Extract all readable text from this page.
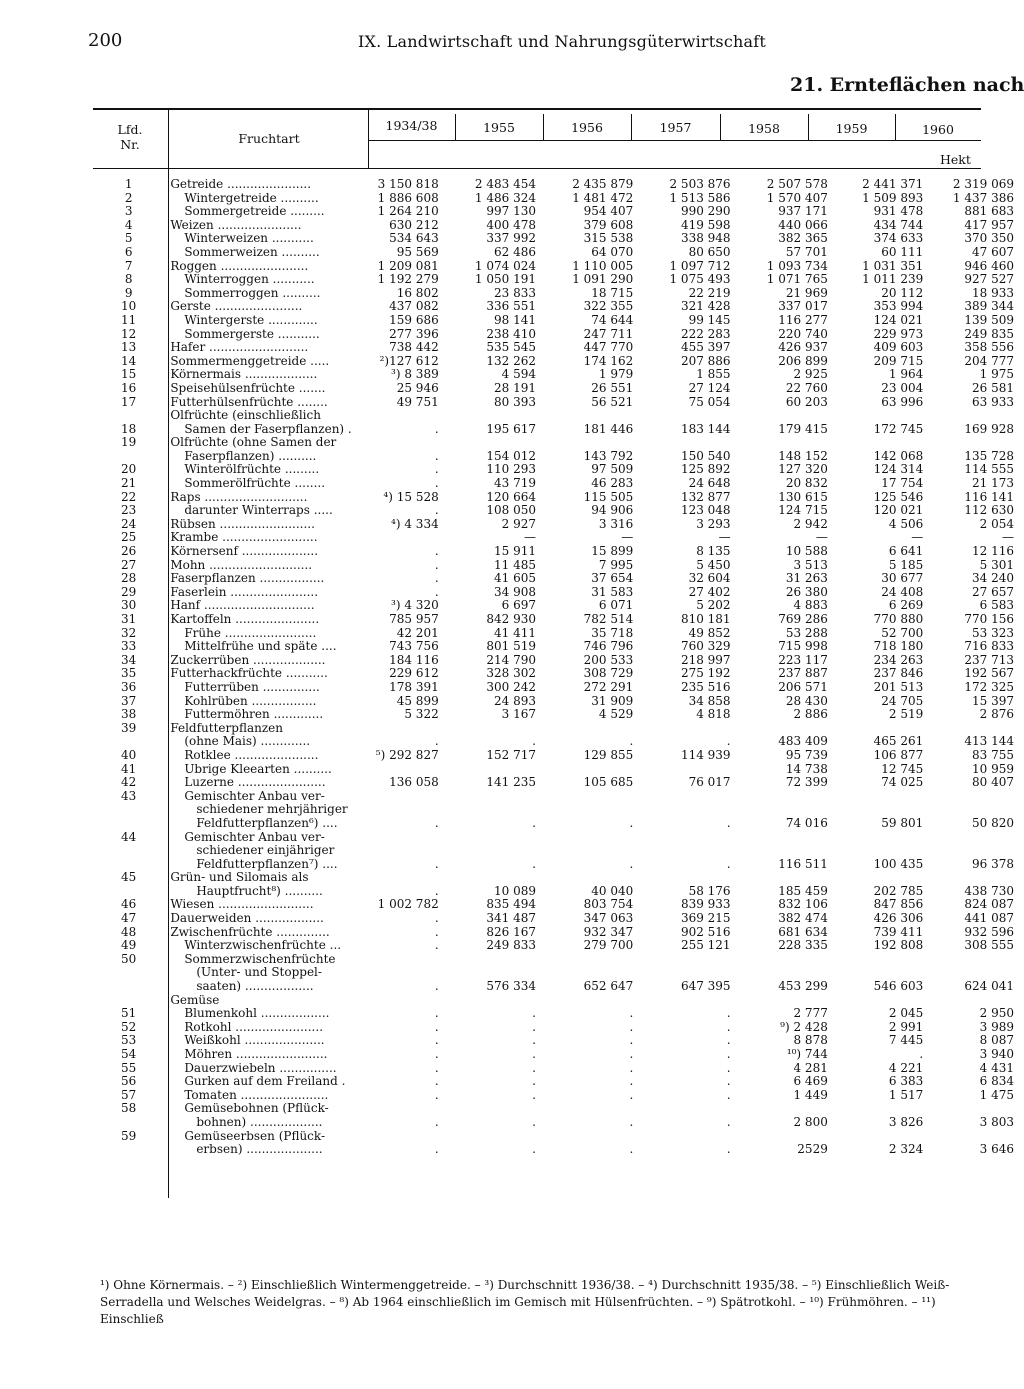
200	IX. Landwirtschaft und Nahrungsgüterwirtschaft
21. Ernteflächen nach
Lfd.
Nr.	Fruchtart
1934/38	1955	1956	1957	1958	1959	1960
Hekt
1	Getreide ......................	3 150 818	2 483 454	2 435 879	2 503 876	2 507 578	2 441 371	2 319 069
2	Wintergetreide ..........	1 886 608	1 486 324	1 481 472	1 513 586	1 570 407	1 509 893	1 437 386
3	Sommergetreide .........	1 264 210	997 130	954 407	990 290	937 171	931 478	881 683
4	Weizen ......................	630 212	400 478	379 608	419 598	440 066	434 744	417 957
5	Winterweizen ...........	534 643	337 992	315 538	338 948	382 365	374 633	370 350
6	Sommerweizen ..........	95 569	62 486	64 070	80 650	57 701	60 111	47 607
7	Roggen .......................	1 209 081	1 074 024	1 110 005	1 097 712	1 093 734	1 031 351	946 460
8	Winterroggen ...........	1 192 279	1 050 191	1 091 290	1 075 493	1 071 765	1 011 239	927 527
9	Sommerroggen ..........	16 802	23 833	18 715	22 219	21 969	20 112	18 933
10	Gerste .......................	437 082	336 551	322 355	321 428	337 017	353 994	389 344
11	Wintergerste .............	159 686	98 141	74 644	99 145	116 277	124 021	139 509
12	Sommergerste ...........	277 396	238 410	247 711	222 283	220 740	229 973	249 835
13	Hafer ..........................	738 442	535 545	447 770	455 397	426 937	409 603	358 556
14	Sommermenggetreide .....	²)127 612	132 262	174 162	207 886	206 899	209 715	204 777
15	Körnermais ...................	³) 8 389	4 594	1 979	1 855	2 925	1 964	1 975
16	Speisehülsenfrüchte .......	25 946	28 191	26 551	27 124	22 760	23 004	26 581
17	Futterhülsenfrüchte ........	49 751	80 393	56 521	75 054	60 203	63 996	63 933
	Ölfrüchte (einschließlich							
18	Samen der Faserpflanzen) .	.	195 617	181 446	183 144	179 415	172 745	169 928
19	Ölfrüchte (ohne Samen der							
	Faserpflanzen) ..........	.	154 012	143 792	150 540	148 152	142 068	135 728
20	Winterölfrüchte .........	.	110 293	97 509	125 892	127 320	124 314	114 555
21	Sommerölfrüchte ........	.	43 719	46 283	24 648	20 832	17 754	21 173
22	Raps ...........................	⁴) 15 528	120 664	115 505	132 877	130 615	125 546	116 141
23	darunter Winterraps .....	.	108 050	94 906	123 048	124 715	120 021	112 630
24	Rübsen .........................	⁴) 4 334	2 927	3 316	3 293	2 942	4 506	2 054
25	Krambe .........................		—	—	—	—	—	—
26	Körnersenf ....................	.	15 911	15 899	8 135	10 588	6 641	12 116
27	Mohn ...........................	.	11 485	7 995	5 450	3 513	5 185	5 301
28	Faserpflanzen .................	.	41 605	37 654	32 604	31 263	30 677	34 240
29	Faserlein .......................	.	34 908	31 583	27 402	26 380	24 408	27 657
30	Hanf .............................	³) 4 320	6 697	6 071	5 202	4 883	6 269	6 583
31	Kartoffeln ......................	785 957	842 930	782 514	810 181	769 286	770 880	770 156
32	Frühe ........................	42 201	41 411	35 718	49 852	53 288	52 700	53 323
33	Mittelfrühe und späte ....	743 756	801 519	746 796	760 329	715 998	718 180	716 833
34	Zuckerrüben ...................	184 116	214 790	200 533	218 997	223 117	234 263	237 713
35	Futterhackfrüchte ...........	229 612	328 302	308 729	275 192	237 887	237 846	192 567
36	Futterrüben ...............	178 391	300 242	272 291	235 516	206 571	201 513	172 325
37	Kohlrüben .................	45 899	24 893	31 909	34 858	28 430	24 705	15 397
38	Futtermöhren .............	5 322	3 167	4 529	4 818	2 886	2 519	2 876
39	Feldfutterpflanzen							
	(ohne Mais) .............	.	.	.	.	483 409	465 261	413 144
40	Rotklee ......................	⁵) 292 827	152 717	129 855	114 939	95 739	106 877	83 755
41	Übrige Kleearten ..........					14 738	12 745	10 959
42	Luzerne .......................	136 058	141 235	105 685	76 017	72 399	74 025	80 407
43	Gemischter Anbau ver-							
	schiedener mehrjähriger							
	Feldfutterpflanzen⁶) ....	.	.	.	.	74 016	59 801	50 820
44	Gemischter Anbau ver-							
	schiedener einjähriger							
	Feldfutterpflanzen⁷) ....	.	.	.	.	116 511	100 435	96 378
45	Grün- und Silomais als							
	Hauptfrucht⁸) ..........	.	10 089	40 040	58 176	185 459	202 785	438 730
46	Wiesen .........................	1 002 782	835 494	803 754	839 933	832 106	847 856	824 087
47	Dauerweiden ..................	.	341 487	347 063	369 215	382 474	426 306	441 087
48	Zwischenfrüchte ..............	.	826 167	932 347	902 516	681 634	739 411	932 596
49	Winterzwischenfrüchte ...	.	249 833	279 700	255 121	228 335	192 808	308 555
50	Sommerzwischenfrüchte							
	(Unter- und Stoppel-							
	saaten) ..................	.	576 334	652 647	647 395	453 299	546 603	624 041
	Gemüse							
51	Blumenkohl ..................	.	.	.	.	2 777	2 045	2 950
52	Rotkohl .......................	.	.	.	.	⁹) 2 428	2 991	3 989
53	Weißkohl .....................	.	.	.	.	8 878	7 445	8 087
54	Möhren ........................	.	.	.	.	¹⁰) 744	.	3 940
55	Dauerzwiebeln ...............	.	.	.	.	4 281	4 221	4 431
56	Gurken auf dem Freiland .	.	.	.	.	6 469	6 383	6 834
57	Tomaten .......................	.	.	.	.	1 449	1 517	1 475
58	Gemüsebohnen (Pflück-							
	bohnen) ...................	.	.	.	.	2 800	3 826	3 803
59	Gemüseerbsen (Pflück-							
	erbsen) ....................	.	.	.	.	2529	2 324	3 646
¹) Ohne Körnermais. – ²) Einschließlich Wintermenggetreide. – ³) Durchschnitt 1936/38. – ⁴) Durchschnitt 1935/38. – ⁵) Einschließlich Weiß-
Serradella und Welsches Weidelgras. – ⁸) Ab 1964 einschließlich im Gemisch mit Hülsenfrüchten. – ⁹) Spätrotkohl. – ¹⁰) Frühmöhren. – ¹¹) Einschließ
